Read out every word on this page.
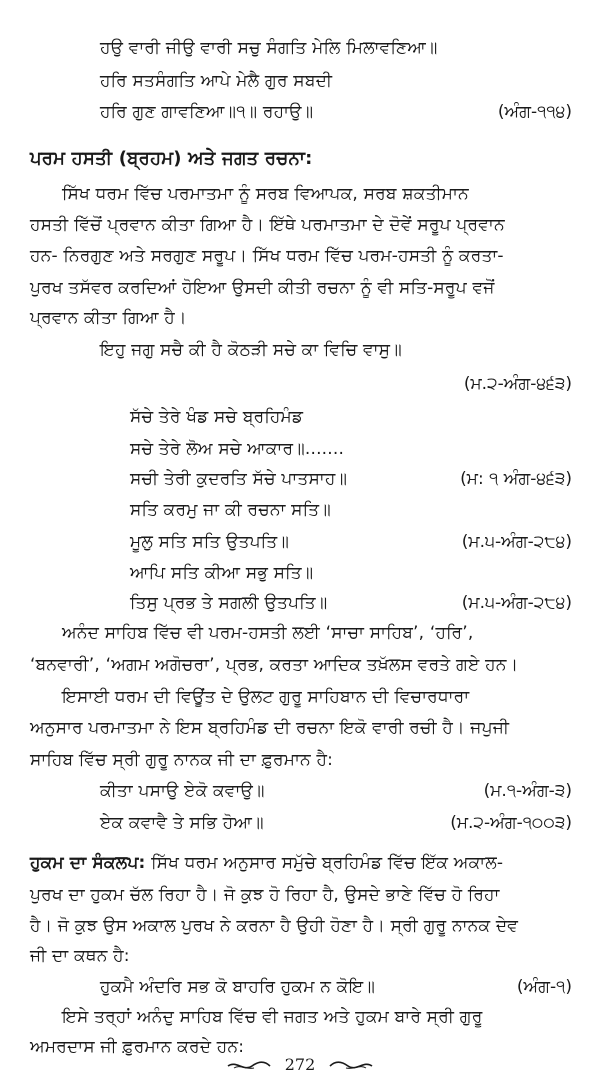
ਹਉ ਵਾਰੀ ਜੀਉ ਵਾਰੀ ਸਚੁ ਸੰਗਤਿ ਮੇਲਿ ਮਿਲਾਵਣਿਆ॥
ਹਰਿ ਸਤਸੰਗਤਿ ਆਪੇ ਮੇਲੈ ਗੁਰ ਸਬਦੀ
ਹਰਿ ਗੁਣ ਗਾਵਣਿਆ॥੧॥ ਰਹਾਉ॥	(ਅੰਗ-੧੧੪)
ਪਰਮ ਹਸਤੀ (ਬ੍ਰਹਮ) ਅਤੇ ਜਗਤ ਰਚਨਾ:
ਸਿੱਖ ਧਰਮ ਵਿੱਚ ਪਰਮਾਤਮਾ ਨੂੰ ਸਰਬ ਵਿਆਪਕ, ਸਰਬ ਸ਼ਕਤੀਮਾਨ
ਹਸਤੀ ਵਿੱਚੋਂ ਪ੍ਰਵਾਨ ਕੀਤਾ ਗਿਆ ਹੈ। ਇੱਥੇ ਪਰਮਾਤਮਾ ਦੇ ਦੋਵੇਂ ਸਰੂਪ ਪ੍ਰਵਾਨ
ਹਨ- ਨਿਰਗੁਣ ਅਤੇ ਸਰਗੁਣ ਸਰੂਪ। ਸਿੱਖ ਧਰਮ ਵਿੱਚ ਪਰਮ-ਹਸਤੀ ਨੂੰ ਕਰਤਾ-
ਪੁਰਖ ਤਸੱਵਰ ਕਰਦਿਆਂ ਹੋਇਆ ਉਸਦੀ ਕੀਤੀ ਰਚਨਾ ਨੂੰ ਵੀ ਸਤਿ-ਸਰੂਪ ਵਜੋਂ
ਪ੍ਰਵਾਨ ਕੀਤਾ ਗਿਆ ਹੈ।
ਇਹੁ ਜਗੁ ਸਚੈ ਕੀ ਹੈ ਕੋਠੜੀ ਸਚੇ ਕਾ ਵਿਚਿ ਵਾਸੁ॥
(ਮ.੨-ਅੰਗ-੪੬੩)
ਸੱਚੇ ਤੇਰੇ ਖੰਡ ਸਚੇ ਬ੍ਰਹਿਮੰਡ
ਸਚੇ ਤੇਰੇ ਲੋਅ ਸਚੇ ਆਕਾਰ॥.......
ਸਚੀ ਤੇਰੀ ਕੁਦਰਤਿ ਸੱਚੇ ਪਾਤਸਾਹ॥	(ਮ: ੧ ਅੰਗ-੪੬੩)
ਸਤਿ ਕਰਮੁ ਜਾ ਕੀ ਰਚਨਾ ਸਤਿ॥
ਮੂਲੁ ਸਤਿ ਸਤਿ ਉਤਪਤਿ॥	(ਮ.੫-ਅੰਗ-੨੮੪)
ਆਪਿ ਸਤਿ ਕੀਆ ਸਭੁ ਸਤਿ॥
ਤਿਸੁ ਪ੍ਰਭ ਤੇ ਸਗਲੀ ਉਤਪਤਿ॥	(ਮ.੫-ਅੰਗ-੨੮੪)
ਅਨੰਦ ਸਾਹਿਬ ਵਿੱਚ ਵੀ ਪਰਮ-ਹਸਤੀ ਲਈ ‘ਸਾਚਾ ਸਾਹਿਬ’, ‘ਹਰਿ’,
‘ਬਨਵਾਰੀ’, ‘ਅਗਮ ਅਗੋਚਰਾ’, ਪ੍ਰਭ, ਕਰਤਾ ਆਦਿਕ ਤਖ਼ੱਲਸ ਵਰਤੇ ਗਏ ਹਨ।
ਇਸਾਈ ਧਰਮ ਦੀ ਵਿਊਂਤ ਦੇ ਉਲਟ ਗੁਰੂ ਸਾਹਿਬਾਨ ਦੀ ਵਿਚਾਰਧਾਰਾ
ਅਨੁਸਾਰ ਪਰਮਾਤਮਾ ਨੇ ਇਸ ਬ੍ਰਹਿਮੰਡ ਦੀ ਰਚਨਾ ਇਕੋ ਵਾਰੀ ਰਚੀ ਹੈ। ਜਪੁਜੀ
ਸਾਹਿਬ ਵਿੱਚ ਸ੍ਰੀ ਗੁਰੂ ਨਾਨਕ ਜੀ ਦਾ ਫ਼ੁਰਮਾਨ ਹੈ:
ਕੀਤਾ ਪਸਾਉ ਏਕੋ ਕਵਾਉ॥	(ਮ.੧-ਅੰਗ-੩)
ਏਕ ਕਵਾਵੈ ਤੇ ਸਭਿ ਹੋਆ॥	(ਮ.੨-ਅੰਗ-੧੦੦੩)
ਹੁਕਮ ਦਾ ਸੰਕਲਪ: ਸਿੱਖ ਧਰਮ ਅਨੁਸਾਰ ਸਮੁੱਚੇ ਬ੍ਰਹਿਮੰਡ ਵਿੱਚ ਇੱਕ ਅਕਾਲ-
ਪੁਰਖ ਦਾ ਹੁਕਮ ਚੱਲ ਰਿਹਾ ਹੈ। ਜੋ ਕੁਝ ਹੋ ਰਿਹਾ ਹੈ, ਉਸਦੇ ਭਾਣੇ ਵਿੱਚ ਹੋ ਰਿਹਾ
ਹੈ। ਜੋ ਕੁਝ ਉਸ ਅਕਾਲ ਪੁਰਖ ਨੇ ਕਰਨਾ ਹੈ ਉਹੀ ਹੋਣਾ ਹੈ। ਸ੍ਰੀ ਗੁਰੂ ਨਾਨਕ ਦੇਵ
ਜੀ ਦਾ ਕਥਨ ਹੈ:
ਹੁਕਮੈ ਅੰਦਰਿ ਸਭ ਕੋ ਬਾਹਰਿ ਹੁਕਮ ਨ ਕੋਇ॥	(ਅੰਗ-੧)
ਇਸੇ ਤਰ੍ਹਾਂ ਅਨੰਦੁ ਸਾਹਿਬ ਵਿੱਚ ਵੀ ਜਗਤ ਅਤੇ ਹੁਕਮ ਬਾਰੇ ਸ੍ਰੀ ਗੁਰੂ
ਅਮਰਦਾਸ ਜੀ ਫ਼ੁਰਮਾਨ ਕਰਦੇ ਹਨ:
272
